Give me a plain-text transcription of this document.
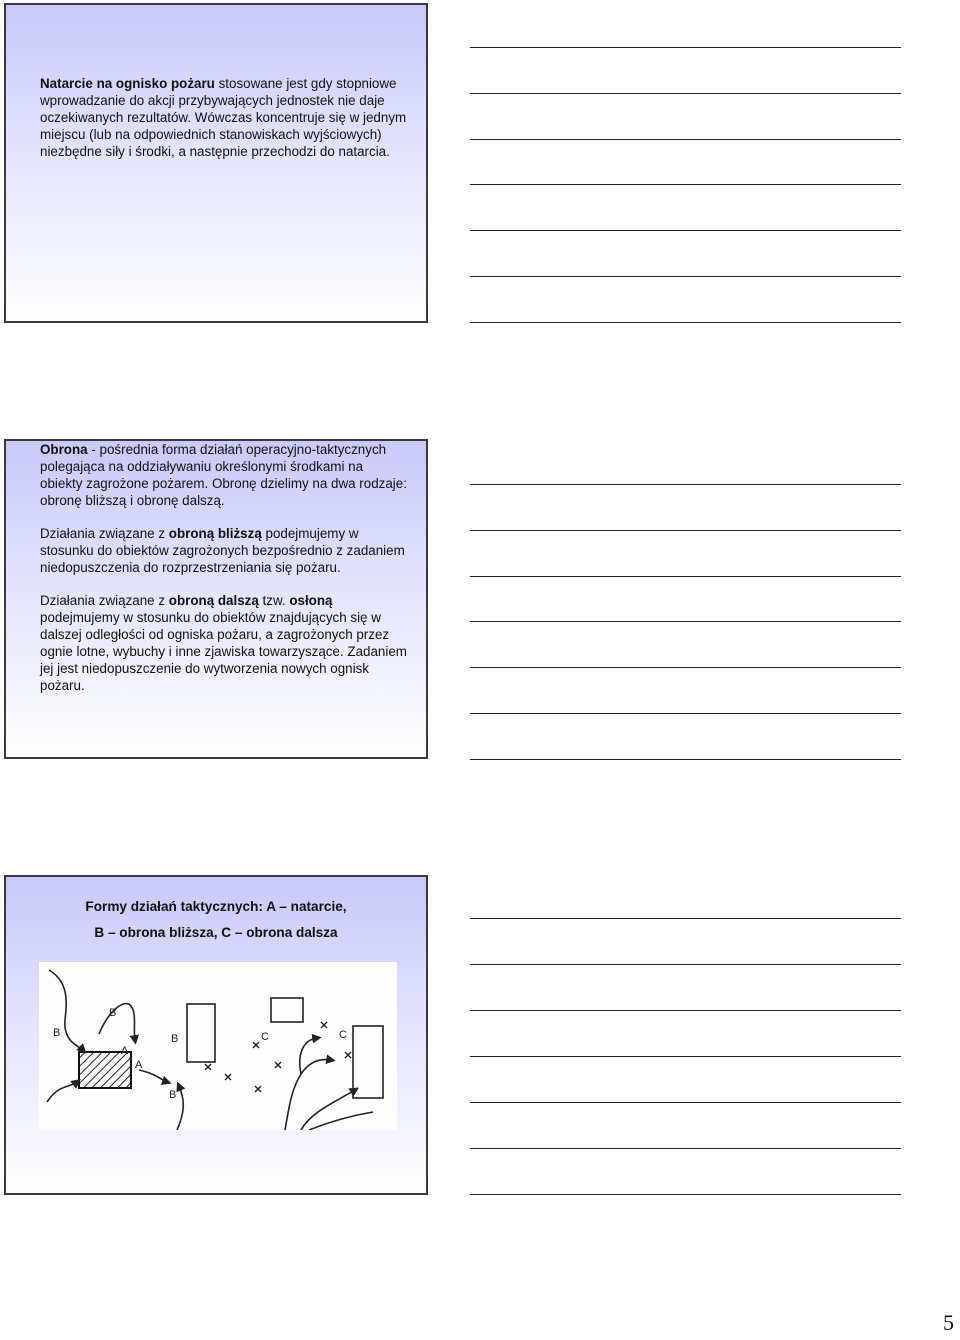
Natarcie na ognisko pożaru stosowane jest gdy stopniowe wprowadzanie do akcji przybywających jednostek nie daje oczekiwanych rezultatów. Wówczas koncentruje się w jednym miejscu (lub na odpowiednich stanowiskach wyjściowych) niezbędne siły i środki, a następnie przechodzi do natarcia.

Obrona - pośrednia forma działań operacyjno-taktycznych polegająca na oddziaływaniu określonymi środkami na obiekty zagrożone pożarem. Obronę dzielimy na dwa rodzaje: obronę bliższą i obronę dalszą.

Działania związane z obroną bliższą podejmujemy w stosunku do obiektów zagrożonych bezpośrednio z zadaniem niedopuszczenia do rozprzestrzeniania się pożaru.

Działania związane z obroną dalszą tzw. osłoną podejmujemy w stosunku do obiektów znajdujących się w dalszej odległości od ogniska pożaru, a zagrożonych przez ognie lotne, wybuchy i inne zjawiska towarzyszące. Zadaniem jej jest niedopuszczenie do wytworzenia nowych ognisk pożaru.

Formy działań taktycznych: A – natarcie,
B – obrona bliższa, C – obrona dalsza
B
B
B
B
A
A
C	C
5
